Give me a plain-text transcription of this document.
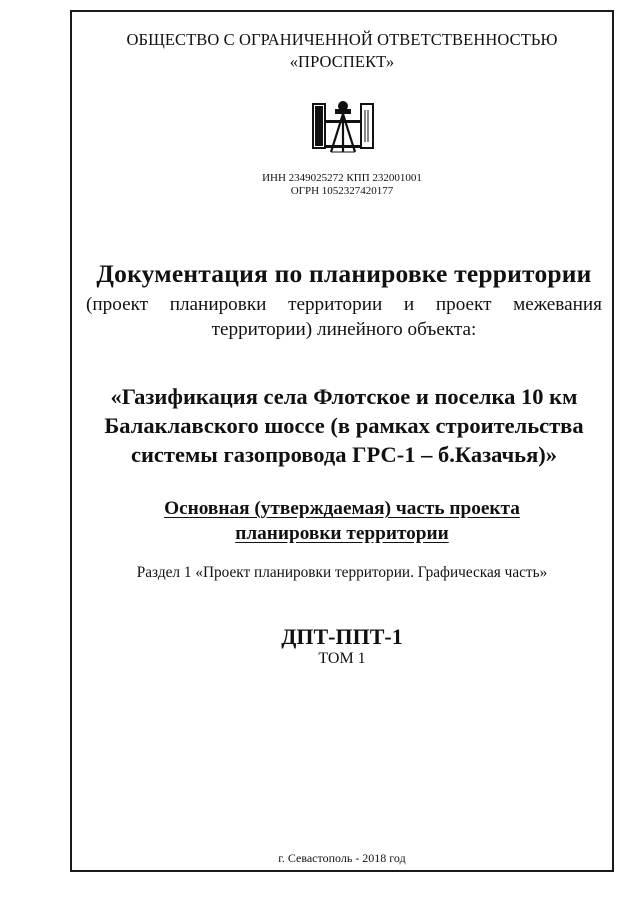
ОБЩЕСТВО С ОГРАНИЧЕННОЙ ОТВЕТСТВЕННОСТЬЮ
«ПРОСПЕКТ»
ИНН 2349025272 КПП 232001001
ОГРН 1052327420177
Документация по планировке территории
(проект планировки территории и проект межевания территории) линейного объекта:
«Газификация села Флотское и поселка 10 км
Балаклавского шоссе (в рамках строительства
системы газопровода ГРС-1 – б.Казачья)»
Основная (утверждаемая) часть проекта
планировки территории
Раздел 1 «Проект планировки территории. Графическая часть»
ДПТ-ППТ-1
ТОМ 1
г. Севастополь - 2018 год
